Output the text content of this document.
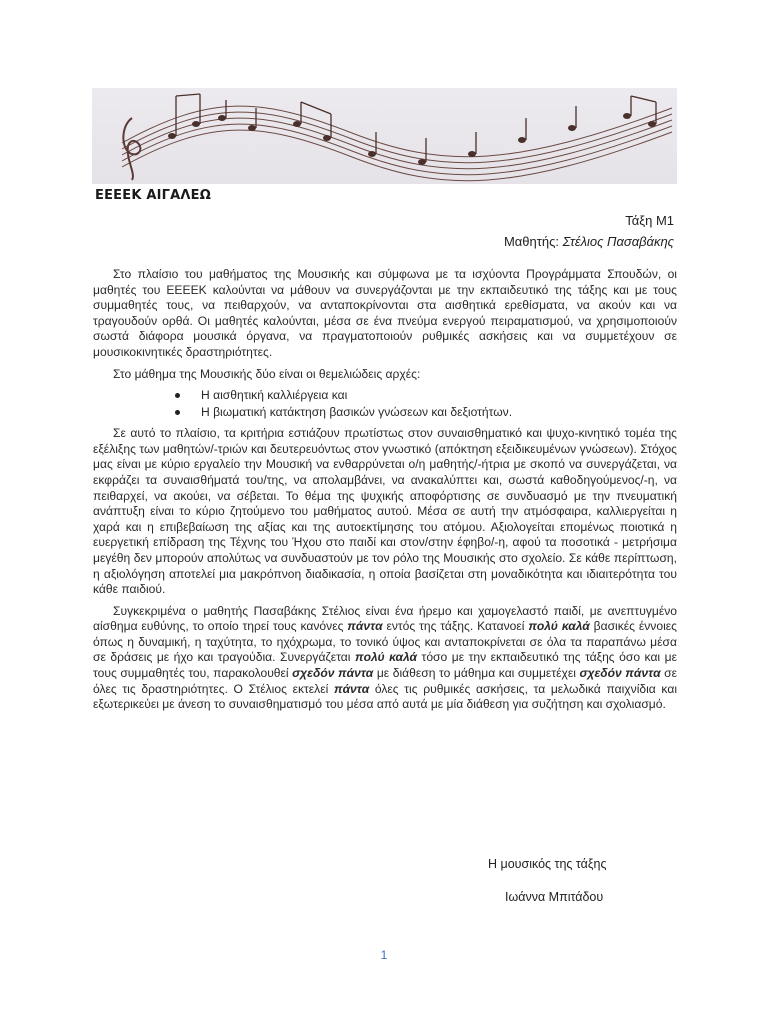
ΕΕΕΕΚ ΑΙΓΑΛΕΩ
Τάξη Μ1
Μαθητής: Στέλιος Πασαβάκης

Στο πλαίσιο του μαθήματος της Μουσικής και σύμφωνα με τα ισχύοντα Προγράμματα Σπουδών, οι μαθητές του ΕΕΕΕΚ καλούνται να μάθουν να συνεργάζονται με την εκπαιδευτικό της τάξης και με τους συμμαθητές τους, να πειθαρχούν, να ανταποκρίνονται στα αισθητικά ερεθίσματα, να ακούν και να τραγουδούν ορθά. Οι μαθητές καλούνται, μέσα σε ένα πνεύμα ενεργού πειραματισμού, να χρησιμοποιούν σωστά διάφορα μουσικά όργανα, να πραγματοποιούν ρυθμικές ασκήσεις και να συμμετέχουν σε μουσικοκινητικές δραστηριότητες.

Στο μάθημα της Μουσικής δύο είναι οι θεμελιώδεις αρχές:

Η αισθητική καλλιέργεια και
Η βιωματική κατάκτηση βασικών γνώσεων και δεξιοτήτων.

Σε αυτό το πλαίσιο, τα κριτήρια εστιάζουν πρωτίστως στον συναισθηματικό και ψυχο-κινητικό τομέα της εξέλιξης των μαθητών/-τριών και δευτερευόντως στον γνωστικό (απόκτηση εξειδικευμένων γνώσεων). Στόχος μας είναι με κύριο εργαλείο την Μουσική να ενθαρρύνεται ο/η μαθητής/-ήτρια με σκοπό να συνεργάζεται, να εκφράζει τα συναισθήματά του/της, να απολαμβάνει, να ανακαλύπτει και, σωστά καθοδηγούμενος/-η, να πειθαρχεί, να ακούει, να σέβεται. Το θέμα της ψυχικής αποφόρτισης σε συνδυασμό με την πνευματική ανάπτυξη είναι το κύριο ζητούμενο του μαθήματος αυτού. Μέσα σε αυτή την ατμόσφαιρα, καλλιεργείται η χαρά και η επιβεβαίωση της αξίας και της αυτοεκτίμησης του ατόμου. Αξιολογείται επομένως ποιοτικά η ευεργετική επίδραση της Τέχνης του Ήχου στο παιδί και στον/στην έφηβο/-η, αφού τα ποσοτικά - μετρήσιμα μεγέθη δεν μπορούν απολύτως να συνδυαστούν με τον ρόλο της Μουσικής στο σχολείο. Σε κάθε περίπτωση, η αξιολόγηση αποτελεί μια μακρόπνοη διαδικασία, η οποία βασίζεται στη μοναδικότητα και ιδιαιτερότητα του κάθε παιδιού.

Συγκεκριμένα ο μαθητής Πασαβάκης Στέλιος είναι ένα ήρεμο και χαμογελαστό παιδί, με ανεπτυγμένο αίσθημα ευθύνης, το οποίο τηρεί τους κανόνες πάντα εντός της τάξης. Κατανοεί πολύ καλά βασικές έννοιες όπως η δυναμική, η ταχύτητα, το ηχόχρωμα, το τονικό ύψος και ανταποκρίνεται σε όλα τα παραπάνω μέσα σε δράσεις με ήχο και τραγούδια. Συνεργάζεται πολύ καλά τόσο με την εκπαιδευτικό της τάξης όσο και με τους συμμαθητές του, παρακολουθεί σχεδόν πάντα με διάθεση το μάθημα και συμμετέχει σχεδόν πάντα σε όλες τις δραστηριότητες. Ο Στέλιος εκτελεί πάντα όλες τις ρυθμικές ασκήσεις, τα μελωδικά παιχνίδια και εξωτερικεύει με άνεση το συναισθηματισμό του μέσα από αυτά με μία διάθεση για συζήτηση και σχολιασμό.

Η μουσικός της τάξης
Ιωάννα Μπιτάδου
1
